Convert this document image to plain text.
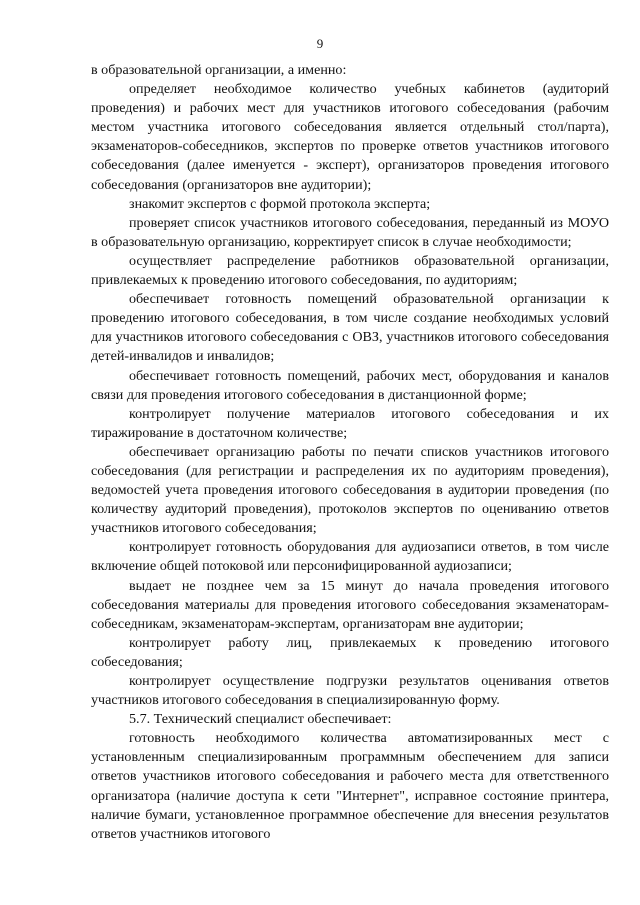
9

в образовательной организации, а именно:

определяет необходимое количество учебных кабинетов (аудиторий проведения) и рабочих мест для участников итогового собеседования (рабочим местом участника итогового собеседования является отдельный стол/парта), экзаменаторов-собеседников, экспертов по проверке ответов участников итогового собеседования (далее именуется - эксперт), организаторов проведения итогового собеседования (организаторов вне аудитории);

знакомит экспертов с формой протокола эксперта;

проверяет список участников итогового собеседования, переданный из МОУО в образовательную организацию, корректирует список в случае необходимости;

осуществляет распределение работников образовательной организации, привлекаемых к проведению итогового собеседования, по аудиториям;

обеспечивает готовность помещений образовательной организации к проведению итогового собеседования, в том числе создание необходимых условий для участников итогового собеседования с ОВЗ, участников итогового собеседования детей-инвалидов и инвалидов;

обеспечивает готовность помещений, рабочих мест, оборудования и каналов связи для проведения итогового собеседования в дистанционной форме;

контролирует получение материалов итогового собеседования и их тиражирование в достаточном количестве;

обеспечивает организацию работы по печати списков участников итогового собеседования (для регистрации и распределения их по аудиториям проведения), ведомостей учета проведения итогового собеседования в аудитории проведения (по количеству аудиторий проведения), протоколов экспертов по оцениванию ответов участников итогового собеседования;

контролирует готовность оборудования для аудиозаписи ответов, в том числе включение общей потоковой или персонифицированной аудиозаписи;

выдает не позднее чем за 15 минут до начала проведения итогового собеседования материалы для проведения итогового собеседования экзаменаторам-собеседникам, экзаменаторам-экспертам, организаторам вне аудитории;

контролирует работу лиц, привлекаемых к проведению итогового собеседования;

контролирует осуществление подгрузки результатов оценивания ответов участников итогового собеседования в специализированную форму.

5.7. Технический специалист обеспечивает:

готовность необходимого количества автоматизированных мест с установленным специализированным программным обеспечением для записи ответов участников итогового собеседования и рабочего места для ответственного организатора (наличие доступа к сети "Интернет", исправное состояние принтера, наличие бумаги, установленное программное обеспечение для внесения результатов ответов участников итогового
